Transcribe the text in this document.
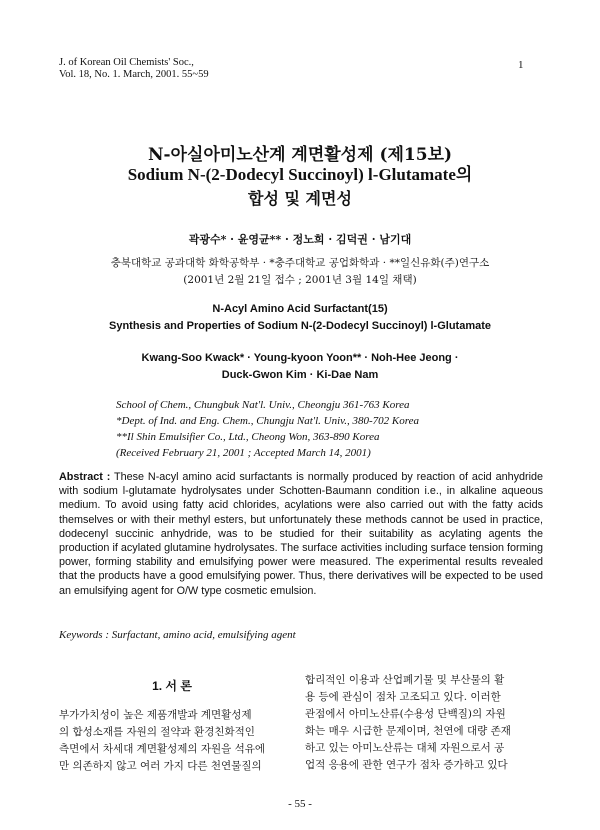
J. of Korean Oil Chemists' Soc.,
Vol. 18, No. 1. March, 2001. 55~59
1
N-아실아미노산계 계면활성제 (제15보)
Sodium N-(2-Dodecyl Succinoyl) l-Glutamate의
합성 및 계면성
곽광수* · 윤영균** · 정노희 · 김덕권 · 남기대
충북대학교 공과대학 화학공학부 · *충주대학교 공업화학과 · **일신유화(주)연구소
(2001년 2월 21일 접수 ; 2001년 3월 14일 채택)
N-Acyl Amino Acid Surfactant(15)
Synthesis and Properties of Sodium N-(2-Dodecyl Succinoyl) l-Glutamate
Kwang-Soo Kwack* · Young-kyoon Yoon** · Noh-Hee Jeong ·
Duck-Gwon Kim · Ki-Dae Nam
School of Chem., Chungbuk Nat'l. Univ., Cheongju 361-763 Korea
*Dept. of Ind. and Eng. Chem., Chungju Nat'l. Univ., 380-702 Korea
**Il Shin Emulsifier Co., Ltd., Cheong Won, 363-890 Korea
(Received February 21, 2001 ; Accepted March 14, 2001)
Abstract : These N-acyl amino acid surfactants is normally produced by reaction of acid anhydride with sodium l-glutamate hydrolysates under Schotten-Baumann condition i.e., in alkaline aqueous medium. To avoid using fatty acid chlorides, acylations were also carried out with the fatty acids themselves or with their methyl esters, but unfortunately these methods cannot be used in practice, dodecenyl succinic anhydride, was to be studied for their suitability as acylating agents the production if acylated glutamine hydrolysates. The surface activities including surface tension forming power, forming stability and emulsifying power were measured. The experimental results revealed that the products have a good emulsifying power. Thus, there derivatives will be expected to be used an emulsifying agent for O/W type cosmetic emulsion.
Keywords : Surfactant, amino acid, emulsifying agent
1. 서 론
부가가치성이 높은 제품개발과 계면활성제
의 합성소재를 자원의 절약과 환경친화적인
측면에서 차세대 계면활성제의 자원을 석유에
만 의존하지 않고 여러 가지 다른 천연물질의
합리적인 이용과 산업폐기물 및 부산물의 활
용 등에 관심이 점차 고조되고 있다. 이러한
관점에서 아미노산류(수용성 단백질)의 자원
화는 매우 시급한 문제이며, 천연에 대량 존재
하고 있는 아미노산류는 대체 자원으로서 공
업적 응용에 관한 연구가 점차 증가하고 있다
- 55 -
